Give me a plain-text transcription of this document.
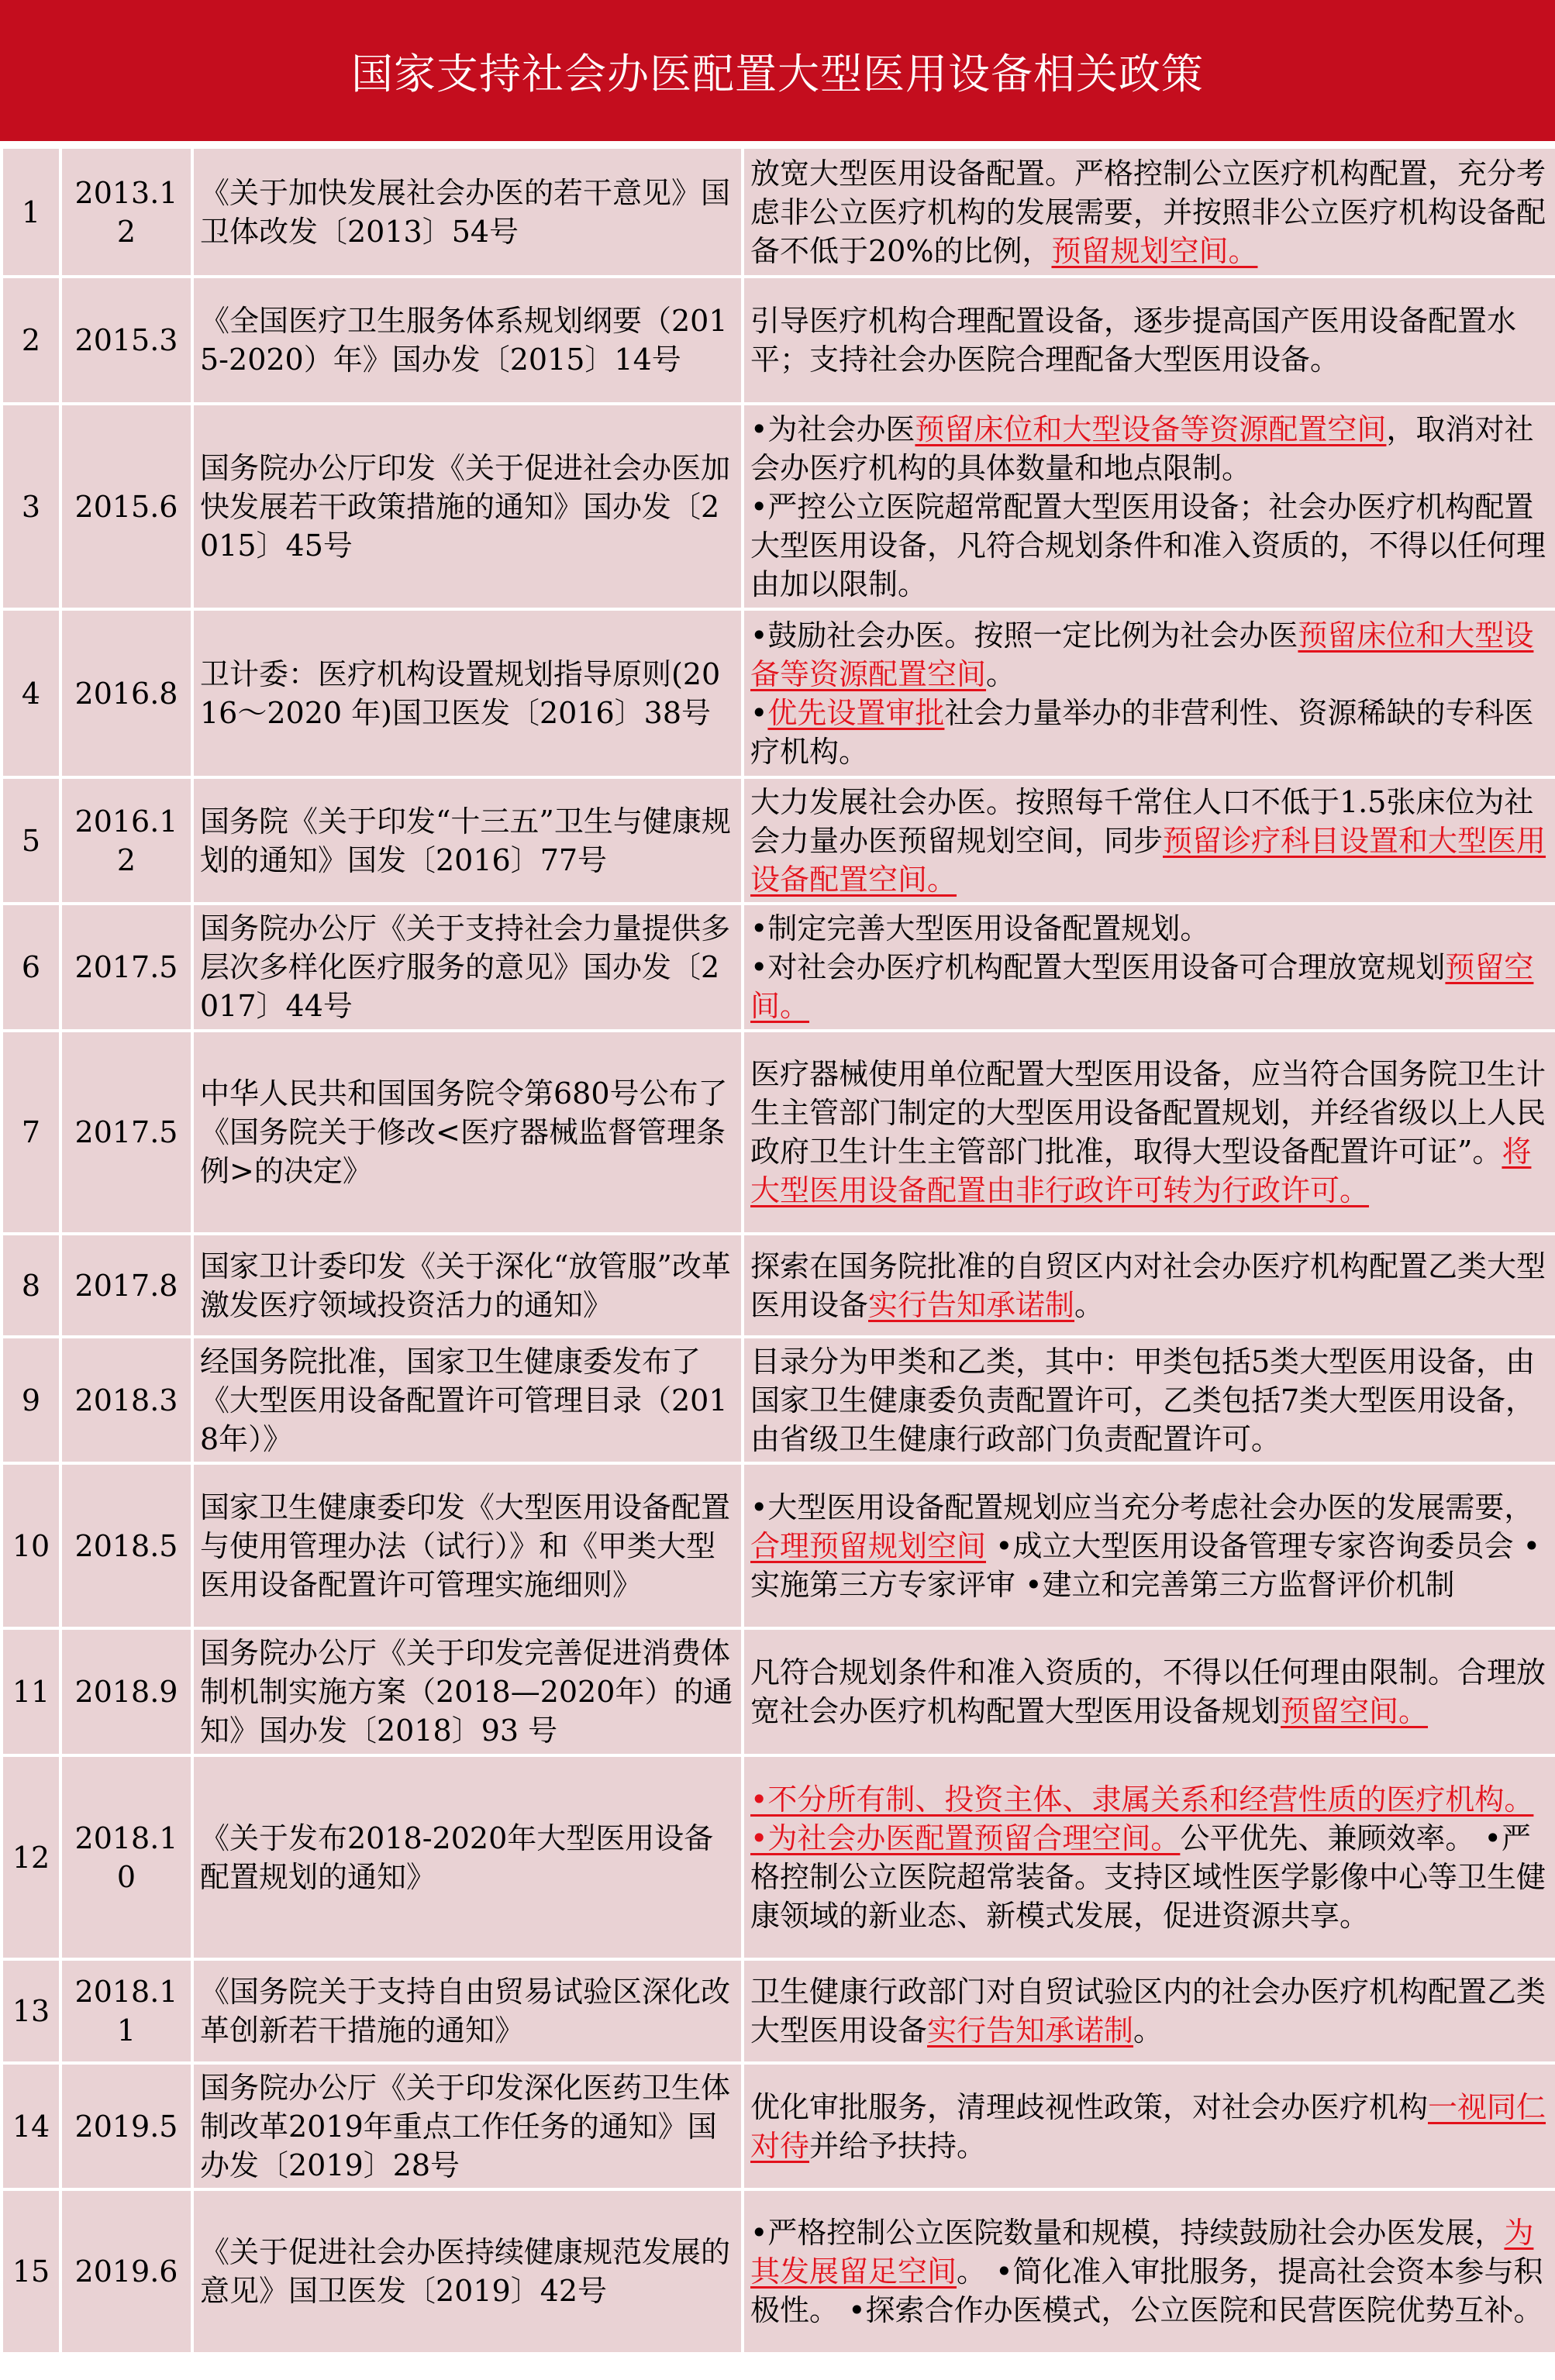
国家支持社会办医配置大型医用设备相关政策
1	2013.12	《关于加快发展社会办医的若干意见》国卫体改发〔2013〕54号	放宽大型医用设备配置。严格控制公立医疗机构配置，充分考虑非公立医疗机构的发展需要，并按照非公立医疗机构设备配备不低于20%的比例，预留规划空间。
2	2015.3	《全国医疗卫生服务体系规划纲要（2015-2020）年》国办发〔2015〕14号	引导医疗机构合理配置设备，逐步提高国产医用设备配置水平；支持社会办医院合理配备大型医用设备。
3	2015.6	国务院办公厅印发《关于促进社会办医加快发展若干政策措施的通知》国办发〔2015〕45号	•为社会办医预留床位和大型设备等资源配置空间，取消对社会办医疗机构的具体数量和地点限制。
•严控公立医院超常配置大型医用设备；社会办医疗机构配置大型医用设备，凡符合规划条件和准入资质的，不得以任何理由加以限制。
4	2016.8	卫计委：医疗机构设置规划指导原则(2016～2020 年)国卫医发〔2016〕38号	•鼓励社会办医。按照一定比例为社会办医预留床位和大型设备等资源配置空间。
•优先设置审批社会力量举办的非营利性、资源稀缺的专科医疗机构。
5	2016.12	国务院《关于印发“十三五”卫生与健康规划的通知》国发〔2016〕77号	大力发展社会办医。按照每千常住人口不低于1.5张床位为社会力量办医预留规划空间，同步预留诊疗科目设置和大型医用设备配置空间。
6	2017.5	国务院办公厅《关于支持社会力量提供多层次多样化医疗服务的意见》国办发〔2017〕44号	•制定完善大型医用设备配置规划。
•对社会办医疗机构配置大型医用设备可合理放宽规划预留空间。
7	2017.5	中华人民共和国国务院令第680号公布了《国务院关于修改<医疗器械监督管理条例>的决定》	医疗器械使用单位配置大型医用设备，应当符合国务院卫生计生主管部门制定的大型医用设备配置规划，并经省级以上人民政府卫生计生主管部门批准，取得大型设备配置许可证”。将大型医用设备配置由非行政许可转为行政许可。
8	2017.8	国家卫计委印发《关于深化“放管服”改革激发医疗领域投资活力的通知》	探索在国务院批准的自贸区内对社会办医疗机构配置乙类大型医用设备实行告知承诺制。
9	2018.3	经国务院批准，国家卫生健康委发布了《大型医用设备配置许可管理目录（2018年）》	目录分为甲类和乙类，其中：甲类包括5类大型医用设备，由国家卫生健康委负责配置许可，乙类包括7类大型医用设备，由省级卫生健康行政部门负责配置许可。
10	2018.5	国家卫生健康委印发《大型医用设备配置与使用管理办法（试行）》和《甲类大型医用设备配置许可管理实施细则》	•大型医用设备配置规划应当充分考虑社会办医的发展需要，合理预留规划空间 •成立大型医用设备管理专家咨询委员会 •实施第三方专家评审 •建立和完善第三方监督评价机制
11	2018.9	国务院办公厅《关于印发完善促进消费体制机制实施方案（2018—2020年）的通知》国办发〔2018〕93 号	凡符合规划条件和准入资质的，不得以任何理由限制。合理放宽社会办医疗机构配置大型医用设备规划预留空间。
12	2018.10	《关于发布2018-2020年大型医用设备配置规划的通知》	•不分所有制、投资主体、隶属关系和经营性质的医疗机构。•为社会办医配置预留合理空间。公平优先、兼顾效率。 •严格控制公立医院超常装备。支持区域性医学影像中心等卫生健康领域的新业态、新模式发展，促进资源共享。
13	2018.11	《国务院关于支持自由贸易试验区深化改革创新若干措施的通知》	卫生健康行政部门对自贸试验区内的社会办医疗机构配置乙类大型医用设备实行告知承诺制。
14	2019.5	国务院办公厅《关于印发深化医药卫生体制改革2019年重点工作任务的通知》国办发〔2019〕28号	优化审批服务，清理歧视性政策，对社会办医疗机构一视同仁对待并给予扶持。
15	2019.6	《关于促进社会办医持续健康规范发展的意见》国卫医发〔2019〕42号	•严格控制公立医院数量和规模，持续鼓励社会办医发展，为其发展留足空间。 •简化准入审批服务，提高社会资本参与积极性。 •探索合作办医模式，公立医院和民营医院优势互补。
